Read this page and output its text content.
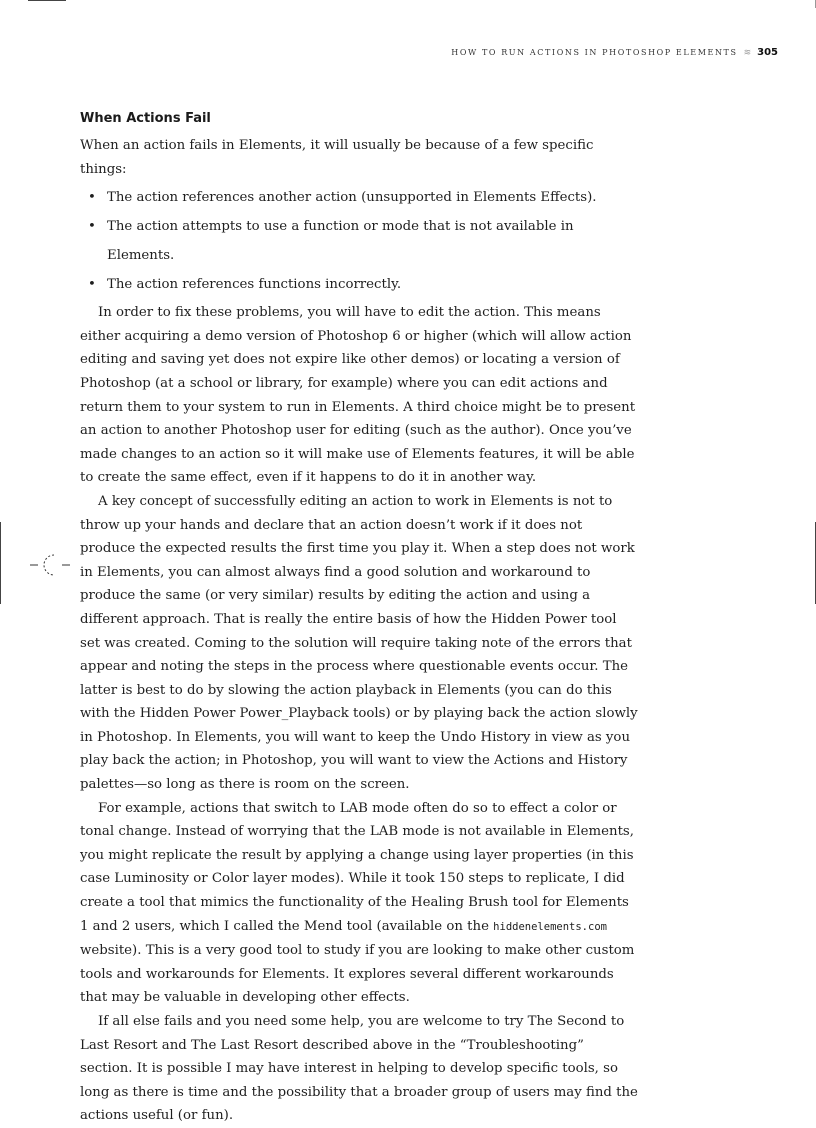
HOW TO RUN ACTIONS IN PHOTOSHOP ELEMENTS ≋ 305
When Actions Fail

When an action fails in Elements, it will usually be because of a few specific things:

• The action references another action (unsupported in Elements Effects).
• The action attempts to use a function or mode that is not available in Elements.
• The action references functions incorrectly.

In order to fix these problems, you will have to edit the action. This means either acquiring a demo version of Photoshop 6 or higher (which will allow action editing and saving yet does not expire like other demos) or locating a version of Photoshop (at a school or library, for example) where you can edit actions and return them to your system to run in Elements. A third choice might be to present an action to another Photoshop user for editing (such as the author). Once you’ve made changes to an action so it will make use of Elements features, it will be able to create the same effect, even if it happens to do it in another way.

A key concept of successfully editing an action to work in Elements is not to throw up your hands and declare that an action doesn’t work if it does not produce the expected results the first time you play it. When a step does not work in Elements, you can almost always find a good solution and workaround to produce the same (or very similar) results by editing the action and using a different approach. That is really the entire basis of how the Hidden Power tool set was created. Coming to the solution will require taking note of the errors that appear and noting the steps in the process where questionable events occur. The latter is best to do by slowing the action playback in Elements (you can do this with the Hidden Power Power_Playback tools) or by playing back the action slowly in Photoshop. In Elements, you will want to keep the Undo History in view as you play back the action; in Photoshop, you will want to view the Actions and History palettes—so long as there is room on the screen.

For example, actions that switch to LAB mode often do so to effect a color or tonal change. Instead of worrying that the LAB mode is not available in Elements, you might replicate the result by applying a change using layer properties (in this case Luminosity or Color layer modes). While it took 150 steps to replicate, I did create a tool that mimics the functionality of the Healing Brush tool for Elements 1 and 2 users, which I called the Mend tool (available on the hiddenelements.com website). This is a very good tool to study if you are looking to make other custom tools and workarounds for Elements. It explores several different workarounds that may be valuable in developing other effects.

If all else fails and you need some help, you are welcome to try The Second to Last Resort and The Last Resort described above in the “Troubleshooting” section. It is possible I may have interest in helping to develop specific tools, so long as there is time and the possibility that a broader group of users may find the actions useful (or fun).
